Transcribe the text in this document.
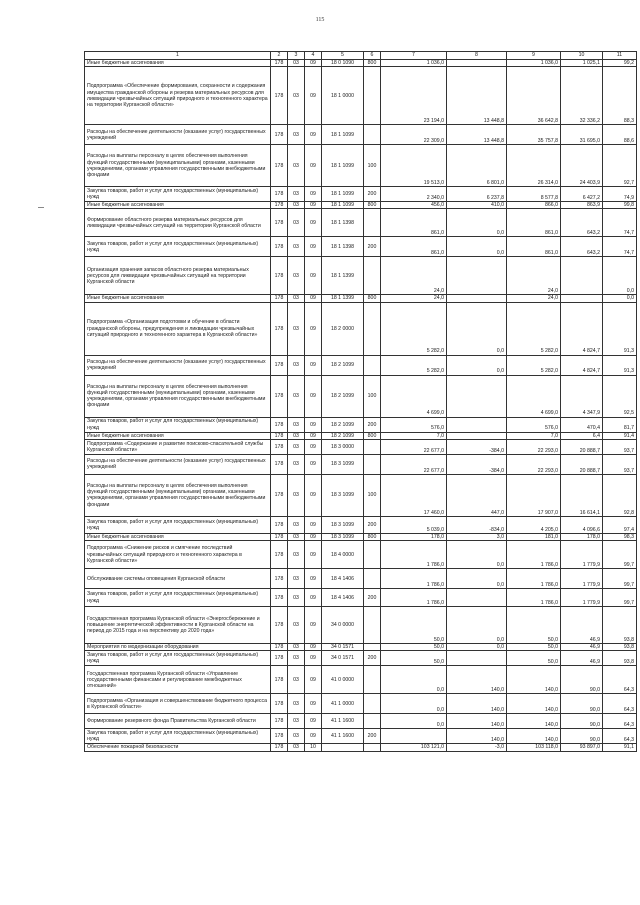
115
1	2	3	4	5	6	7	8	9	10	11
Иные бюджетные ассигнования	178	03	09	18 0 1090	800	1 036,0		1 036,0	1 025,1	99,2
Подпрограмма «Обеспечение формирования, сохранности и содержания имущества гражданской обороны и резерва материальных ресурсов для ликвидации чрезвычайных ситуаций природного и техногенного характера на территории Курганской области»	178	03	09	18 1 0000		23 194,0	13 448,8	36 642,8	32 336,2	88,3
Расходы на обеспечение деятельности (оказание услуг) государственных учреждений	178	03	09	18 1 1099		22 309,0	13 448,8	35 757,8	31 695,0	88,6
Расходы на выплаты персоналу в целях обеспечения выполнения функций государственными (муниципальными) органами, казенными учреждениями, органами управления государственными внебюджетными фондами	178	03	09	18 1 1099	100	19 513,0	6 801,0	26 314,0	24 403,9	92,7
Закупка товаров, работ и услуг для государственных (муниципальных) нужд	178	03	09	18 1 1099	200	2 340,0	6 237,8	8 577,8	6 427,2	74,9
Иные бюджетные ассигнования	178	03	09	18 1 1099	800	456,0	410,0	866,0	863,9	99,8
Формирование областного резерва материальных ресурсов для ликвидации чрезвычайных ситуаций на территории Курганской области	178	03	09	18 1 1398		861,0	0,0	861,0	643,2	74,7
Закупка товаров, работ и услуг для государственных (муниципальных) нужд	178	03	09	18 1 1398	200	861,0	0,0	861,0	643,2	74,7
Организация хранения запасов областного резерва материальных ресурсов для ликвидации чрезвычайных ситуаций на территории Курганской области	178	03	09	18 1 1399		24,0		24,0		0,0
Иные бюджетные ассигнования	178	03	09	18 1 1399	800	24,0		24,0		0,0
Подпрограмма «Организация подготовки и обучение в области гражданской обороны, предупреждения и ликвидации чрезвычайных ситуаций природного и техногенного характера в Курганской области»	178	03	09	18 2 0000		5 282,0	0,0	5 282,0	4 824,7	91,3
Расходы на обеспечение деятельности (оказание услуг) государственных учреждений	178	03	09	18 2 1099		5 282,0	0,0	5 282,0	4 824,7	91,3
Расходы на выплаты персоналу в целях обеспечения выполнения функций государственными (муниципальными) органами, казенными учреждениями, органами управления государственными внебюджетными фондами	178	03	09	18 2 1099	100	4 699,0		4 699,0	4 347,9	92,5
Закупка товаров, работ и услуг для государственных (муниципальных) нужд	178	03	09	18 2 1099	200	576,0		576,0	470,4	81,7
Иные бюджетные ассигнования	178	03	09	18 2 1099	800	7,0		7,0	6,4	91,4
Подпрограмма «Содержание и развитие поисково-спасательной службы Курганской области»	178	03	09	18 3 0000		22 677,0	-384,0	22 293,0	20 888,7	93,7
Расходы на обеспечение деятельности (оказание услуг) государственных учреждений	178	03	09	18 3 1099		22 677,0	-384,0	22 293,0	20 888,7	93,7
Расходы на выплаты персоналу в целях обеспечения выполнения функций государственными (муниципальными) органами, казенными учреждениями, органами управления государственными внебюджетными фондами	178	03	09	18 3 1099	100	17 460,0	447,0	17 907,0	16 614,1	92,8
Закупка товаров, работ и услуг для государственных (муниципальных) нужд	178	03	09	18 3 1099	200	5 039,0	-834,0	4 205,0	4 096,6	97,4
Иные бюджетные ассигнования	178	03	09	18 3 1099	800	178,0	3,0	181,0	178,0	98,3
Подпрограмма «Снижение рисков и смягчение последствий чрезвычайных ситуаций природного и техногенного характера в Курганской области»	178	03	09	18 4 0000		1 786,0	0,0	1 786,0	1 779,9	99,7
Обслуживание системы оповещения Курганской области	178	03	09	18 4 1406		1 786,0	0,0	1 786,0	1 779,9	99,7
Закупка товаров, работ и услуг для государственных (муниципальных) нужд	178	03	09	18 4 1406	200	1 786,0		1 786,0	1 779,9	99,7
Государственная программа Курганской области «Энергосбережение и повышение энергетической эффективности в Курганской области на период до 2015 года и на перспективу до 2020 года»	178	03	09	34 0 0000		50,0	0,0	50,0	46,9	93,8
Мероприятия по модернизации оборудования	178	03	09	34 0 1571		50,0	0,0	50,0	46,9	93,8
Закупка товаров, работ и услуг для государственных (муниципальных) нужд	178	03	09	34 0 1571	200	50,0		50,0	46,9	93,8
Государственная программа Курганской области «Управление государственными финансами и регулирование межбюджетных отношений»	178	03	09	41 0 0000		0,0	140,0	140,0	90,0	64,3
Подпрограмма «Организация и совершенствование бюджетного процесса в Курганской области»	178	03	09	41 1 0000		0,0	140,0	140,0	90,0	64,3
Формирование резервного фонда Правительства Курганской области	178	03	09	41 1 1600		0,0	140,0	140,0	90,0	64,3
Закупка товаров, работ и услуг для государственных (муниципальных) нужд	178	03	09	41 1 1600	200		140,0	140,0	90,0	64,3
Обеспечение пожарной безопасности	178	03	10			103 121,0	-3,0	103 118,0	93 897,0	91,1
